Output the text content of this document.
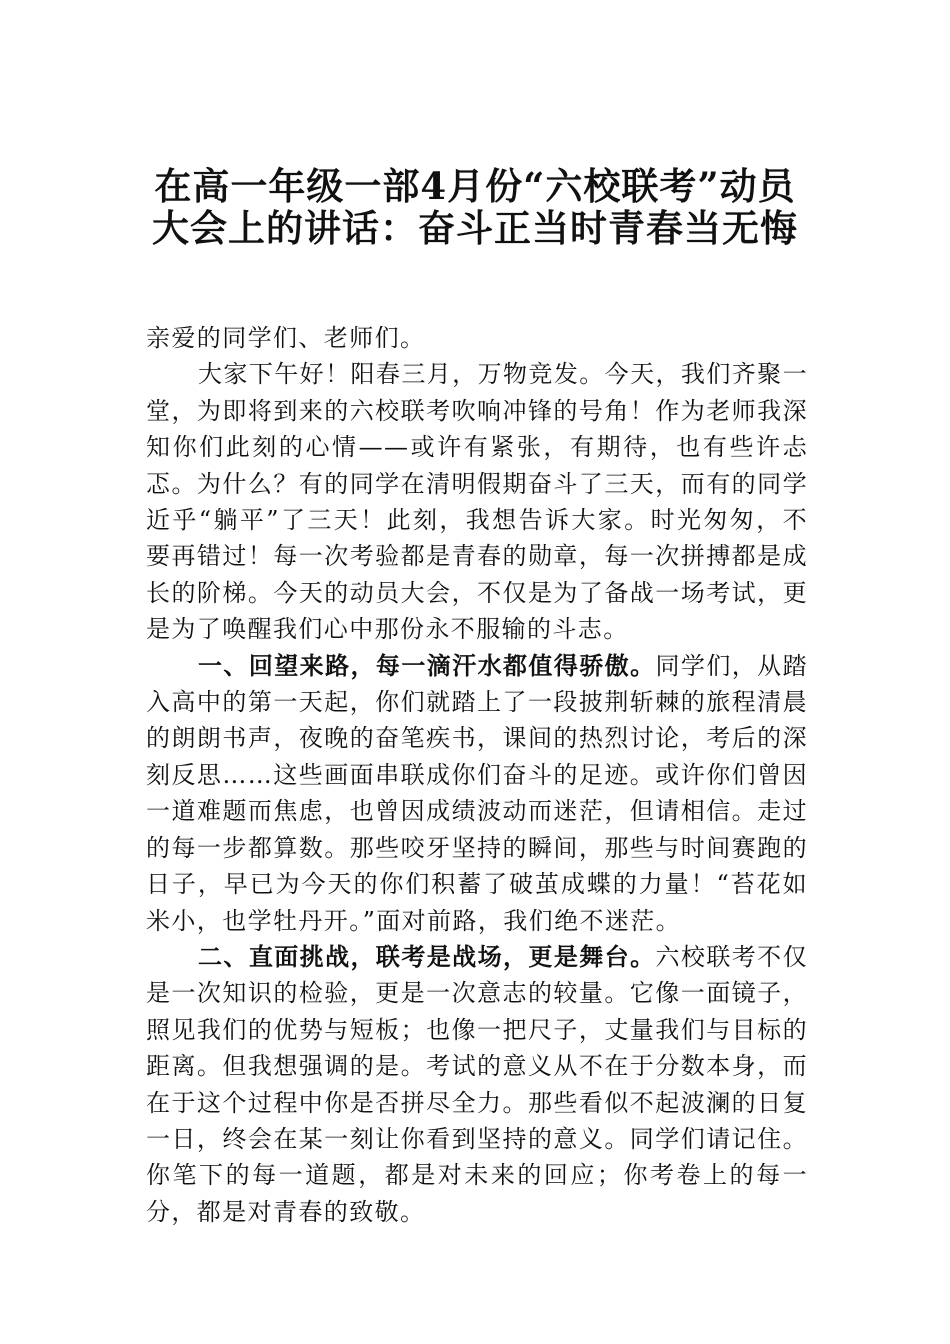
在高一年级一部4月份“六校联考”动员
大会上的讲话：奋斗正当时青春当无悔

亲爱的同学们、老师们。

大家下午好！阳春三月，万物竞发。今天，我们齐聚一堂，为即将到来的六校联考吹响冲锋的号角！作为老师我深知你们此刻的心情——或许有紧张，有期待，也有些许忐忑。为什么？有的同学在清明假期奋斗了三天，而有的同学近乎“躺平”了三天！此刻，我想告诉大家。时光匆匆，不要再错过！每一次考验都是青春的勋章，每一次拼搏都是成长的阶梯。今天的动员大会，不仅是为了备战一场考试，更是为了唤醒我们心中那份永不服输的斗志。

一、回望来路，每一滴汗水都值得骄傲。同学们，从踏入高中的第一天起，你们就踏上了一段披荆斩棘的旅程清晨的朗朗书声，夜晚的奋笔疾书，课间的热烈讨论，考后的深刻反思……这些画面串联成你们奋斗的足迹。或许你们曾因一道难题而焦虑，也曾因成绩波动而迷茫，但请相信。走过的每一步都算数。那些咬牙坚持的瞬间，那些与时间赛跑的日子，早已为今天的你们积蓄了破茧成蝶的力量！“苔花如米小，也学牡丹开。”面对前路，我们绝不迷茫。

二、直面挑战，联考是战场，更是舞台。六校联考不仅是一次知识的检验，更是一次意志的较量。它像一面镜子，照见我们的优势与短板；也像一把尺子，丈量我们与目标的距离。但我想强调的是。考试的意义从不在于分数本身，而在于这个过程中你是否拼尽全力。那些看似不起波澜的日复一日，终会在某一刻让你看到坚持的意义。同学们请记住。你笔下的每一道题，都是对未来的回应；你考卷上的每一分，都是对青春的致敬。
